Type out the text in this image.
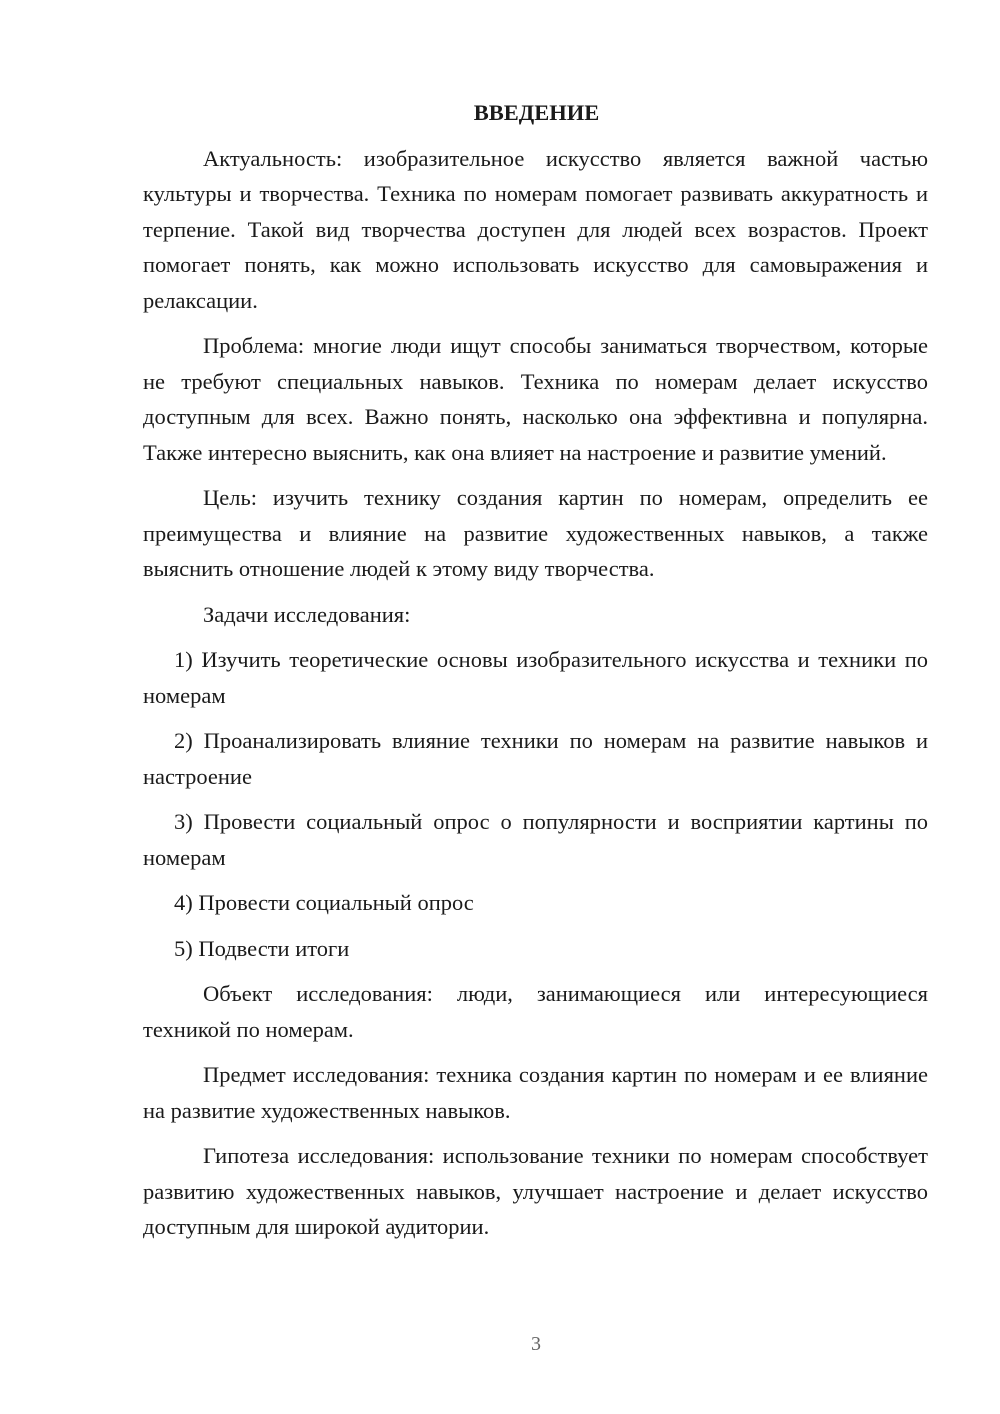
ВВЕДЕНИЕ

Актуальность: изобразительное искусство является важной частью культуры и творчества. Техника по номерам помогает развивать аккуратность и терпение. Такой вид творчества доступен для людей всех возрастов. Проект помогает понять, как можно использовать искусство для самовыражения и релаксации.

Проблема: многие люди ищут способы заниматься творчеством, которые не требуют специальных навыков. Техника по номерам делает искусство доступным для всех. Важно понять, насколько она эффективна и популярна. Также интересно выяснить, как она влияет на настроение и развитие умений.

Цель: изучить технику создания картин по номерам, определить ее преимущества и влияние на развитие художественных навыков, а также выяснить отношение людей к этому виду творчества.

Задачи исследования:

1) Изучить теоретические основы изобразительного искусства и техники по номерам

2) Проанализировать влияние техники по номерам на развитие навыков и настроение

3) Провести социальный опрос о популярности и восприятии картины по номерам

4) Провести социальный опрос

5) Подвести итоги

Объект исследования: люди, занимающиеся или интересующиеся техникой по номерам.

Предмет исследования: техника создания картин по номерам и ее влияние на развитие художественных навыков.

Гипотеза исследования: использование техники по номерам способствует развитию художественных навыков, улучшает настроение и делает искусство доступным для широкой аудитории.

3
